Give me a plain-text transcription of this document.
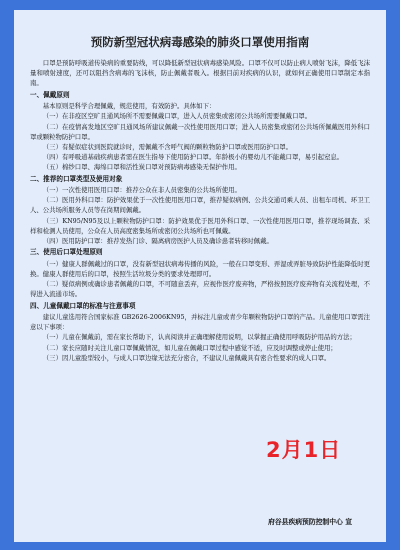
预防新型冠状病毒感染的肺炎口罩使用指南

口罩是预防呼吸道传染病的重要防线，可以降低新型冠状病毒感染风险。口罩不仅可以防止病人喷射飞沫，降低飞沫量和喷射速度，还可以阻挡含病毒的飞沫核，防止佩戴者吸入。根据目前对疾病的认识，就如何正确使用口罩制定本指南。

一、佩戴原则

基本原则是科学合理佩戴，规范使用，有效防护。具体如下：

（一）在非疫区空旷且通风场所不需要佩戴口罩，进入人员密集或密闭公共场所需要佩戴口罩。

（二）在疫情高发地区空旷且通风场所建议佩戴一次性使用医用口罩；进入人员密集或密闭公共场所佩戴医用外科口罩或颗粒物防护口罩。

（三）有疑似症状到医院就诊时，需佩戴不含呼气阀的颗粒物防护口罩或医用防护口罩。

（四）有呼吸道基础疾病患者需在医生指导下使用防护口罩。年龄极小的婴幼儿不能戴口罩，易引起窒息。

（五）棉纱口罩、海绵口罩和活性炭口罩对预防病毒感染无保护作用。

二、推荐的口罩类型及使用对象

（一）一次性使用医用口罩：推荐公众在非人员密集的公共场所使用。

（二）医用外科口罩：防护效果优于一次性使用医用口罩，推荐疑似病例、公共交通司乘人员、出租车司机、环卫工人、公共场所服务人员等在岗期间佩戴。

（三）KN95/N95及以上颗粒物防护口罩：防护效果优于医用外科口罩、一次性使用医用口罩，推荐现场调查、采样和检测人员使用，公众在人员高度密集场所或密闭公共场所也可佩戴。

（四）医用防护口罩：推荐发热门诊、隔离病房医护人员及确诊患者转移时佩戴。

三、使用后口罩处理原则

（一）健康人群佩戴过的口罩，没有新型冠状病毒传播的风险，一般在口罩变形、弄湿或弄脏导致防护性能降低时更换。健康人群使用后的口罩，按照生活垃圾分类的要求处理即可。

（二）疑似病例或确诊患者佩戴的口罩，不可随意丢弃，应视作医疗废弃物，严格按照医疗废弃物有关流程处理，不得进入流通市场。

四、儿童佩戴口罩的标准与注意事项

建议儿童选用符合国家标准 GB2626-2006KN95，并标注儿童或青少年颗粒物防护口罩的产品。儿童使用口罩需注意以下事项：

（一）儿童在佩戴前，需在家长帮助下，认真阅读并正确理解使用说明，以掌握正确使用呼吸防护用品的方法；

（二）家长应随时关注儿童口罩佩戴情况，如儿童在佩戴口罩过程中感觉不适，应及时调整或停止使用；

（三）因儿童脸型较小，与成人口罩边缘无法充分密合，不建议儿童佩戴具有密合性要求的成人口罩。

2月1日
府谷县疾病预防控制中心 宣
